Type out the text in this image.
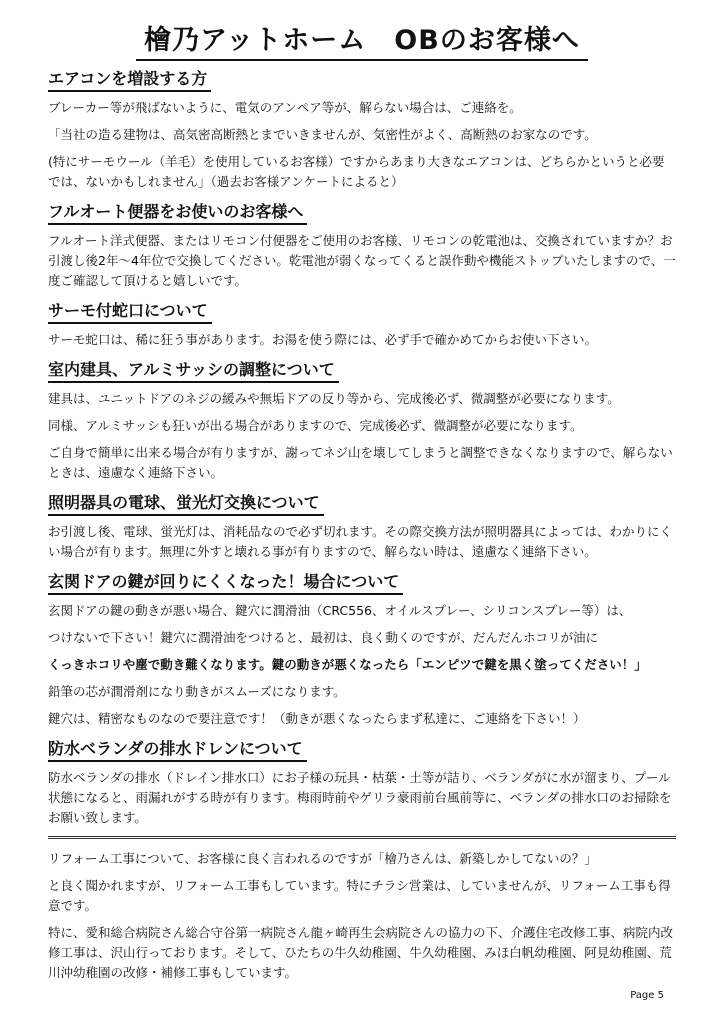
檜乃アットホーム　OBのお客様へ
エアコンを増設する方

ブレーカー等が飛ばないように、電気のアンペア等が、解らない場合は、ご連絡を。

「当社の造る建物は、高気密高断熱とまでいきませんが、気密性がよく、高断熱のお家なのです。

(特にサーモウール（羊毛）を使用しているお客様）ですからあまり大きなエアコンは、どちらかというと必要では、ないかもしれません」（過去お客様アンケートによると）

フルオート便器をお使いのお客様へ

フルオート洋式便器、またはリモコン付便器をご使用のお客様、リモコンの乾電池は、交換されていますか？お引渡し後2年〜4年位で交換してください。乾電池が弱くなってくると誤作動や機能ストップいたしますので、一度ご確認して頂けると嬉しいです。

サーモ付蛇口について

サーモ蛇口は、稀に狂う事があります。お湯を使う際には、必ず手で確かめてからお使い下さい。

室内建具、アルミサッシの調整について

建具は、ユニットドアのネジの緩みや無垢ドアの反り等から、完成後必ず、微調整が必要になります。

同様、アルミサッシも狂いが出る場合がありますので、完成後必ず、微調整が必要になります。

ご自身で簡単に出来る場合が有りますが、謝ってネジ山を壊してしまうと調整できなくなりますので、解らないときは、遠慮なく連絡下さい。

照明器具の電球、蛍光灯交換について

お引渡し後、電球、蛍光灯は、消耗品なので必ず切れます。その際交換方法が照明器具によっては、わかりにくい場合が有ります。無理に外すと壊れる事が有りますので、解らない時は、遠慮なく連絡下さい。

玄関ドアの鍵が回りにくくなった！場合について

玄関ドアの鍵の動きが悪い場合、鍵穴に潤滑油（CRC556、オイルスプレー、シリコンスプレー等）は、

つけないで下さい！鍵穴に潤滑油をつけると、最初は、良く動くのですが、だんだんホコリが油に

くっきホコリや塵で動き難くなります。鍵の動きが悪くなったら「エンピツで鍵を黒く塗ってください！」

鉛筆の芯が潤滑剤になり動きがスムーズになります。

鍵穴は、精密なものなので要注意です！（動きが悪くなったらまず私達に、ご連絡を下さい！）

防水ベランダの排水ドレンについて

防水ベランダの排水（ドレイン排水口）にお子様の玩具・枯葉・土等が詰り、ベランダがに水が溜まり、プール状態になると、雨漏れがする時が有ります。梅雨時前やゲリラ豪雨前台風前等に、ベランダの排水口のお掃除をお願い致します。

リフォーム工事について、お客様に良く言われるのですが「檜乃さんは、新築しかしてないの？」

と良く聞かれますが、リフォーム工事もしています。特にチラシ営業は、していませんが、リフォーム工事も得意です。

特に、愛和総合病院さん総合守谷第一病院さん龍ヶ崎再生会病院さんの協力の下、介護住宅改修工事、病院内改修工事は、沢山行っております。そして、ひたちの牛久幼稚園、牛久幼稚園、みほ白帆幼稚園、阿見幼稚園、荒川沖幼稚園の改修・補修工事もしています。

Page 5
